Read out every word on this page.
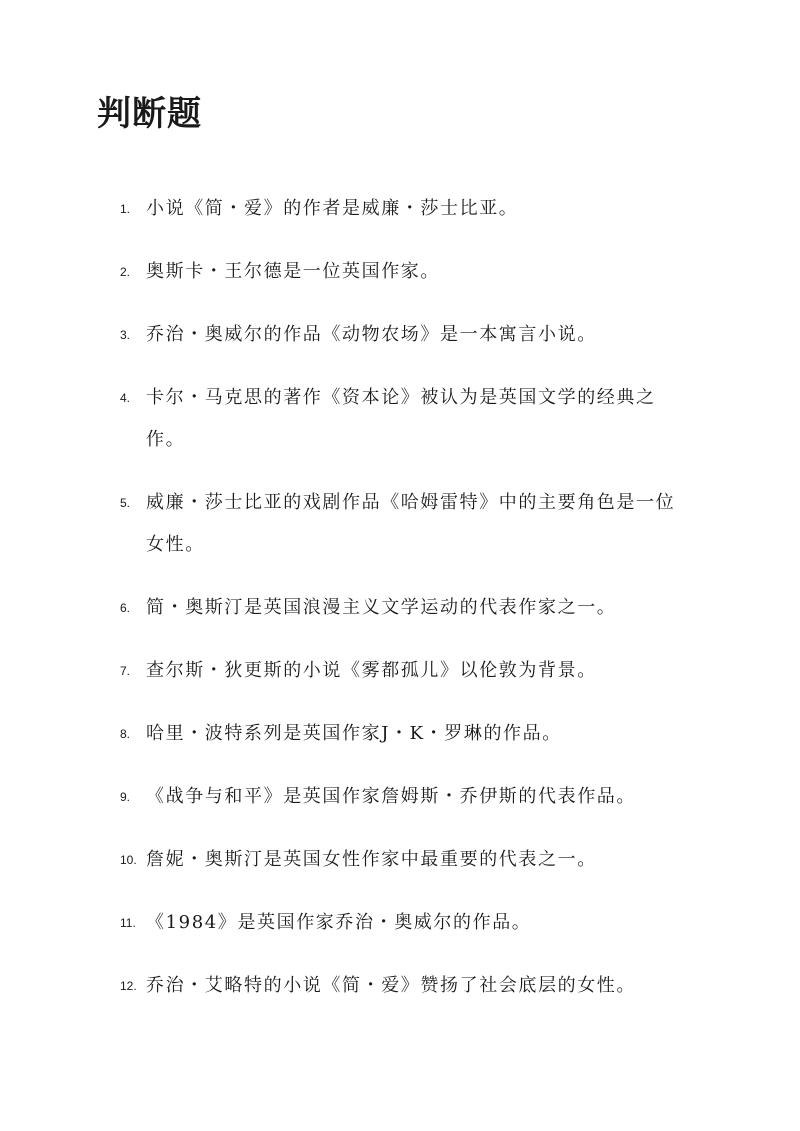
判断题
1. 小说《简・爱》的作者是威廉・莎士比亚。
2. 奥斯卡・王尔德是一位英国作家。
3. 乔治・奥威尔的作品《动物农场》是一本寓言小说。
4. 卡尔・马克思的著作《资本论》被认为是英国文学的经典之作。
5. 威廉・莎士比亚的戏剧作品《哈姆雷特》中的主要角色是一位女性。
6. 简・奥斯汀是英国浪漫主义文学运动的代表作家之一。
7. 查尔斯・狄更斯的小说《雾都孤儿》以伦敦为背景。
8. 哈里・波特系列是英国作家J・K・罗琳的作品。
9. 《战争与和平》是英国作家詹姆斯・乔伊斯的代表作品。
10. 詹妮・奥斯汀是英国女性作家中最重要的代表之一。
11. 《1984》是英国作家乔治・奥威尔的作品。
12. 乔治・艾略特的小说《简・爱》赞扬了社会底层的女性。
